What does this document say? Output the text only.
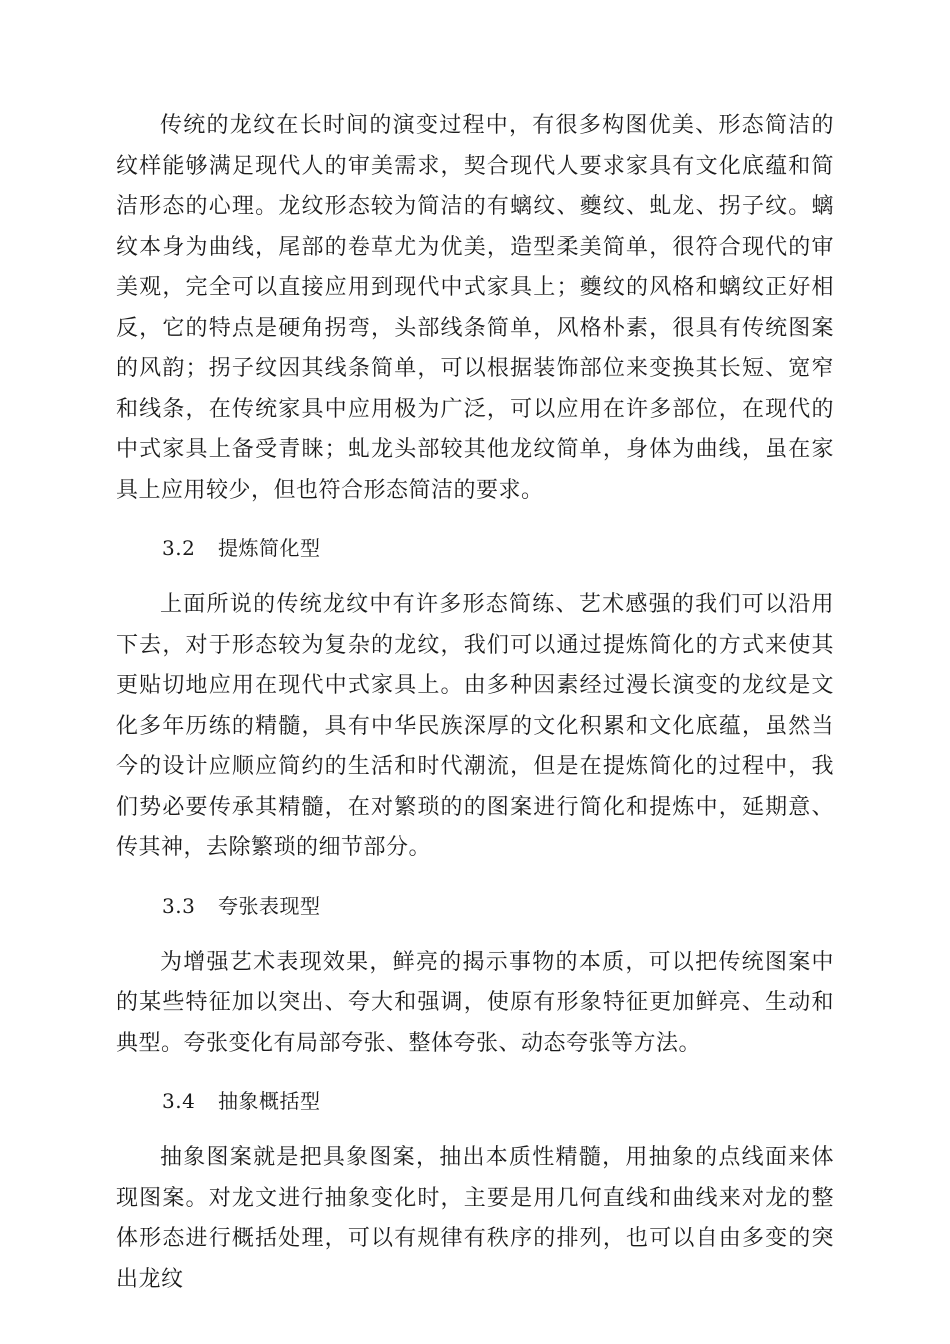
传统的龙纹在长时间的演变过程中，有很多构图优美、形态简洁的纹样能够满足现代人的审美需求，契合现代人要求家具有文化底蕴和简洁形态的心理。龙纹形态较为简洁的有螭纹、夔纹、虬龙、拐子纹。螭纹本身为曲线，尾部的卷草尤为优美，造型柔美简单，很符合现代的审美观，完全可以直接应用到现代中式家具上；夔纹的风格和螭纹正好相反，它的特点是硬角拐弯，头部线条简单，风格朴素，很具有传统图案的风韵；拐子纹因其线条简单，可以根据装饰部位来变换其长短、宽窄和线条，在传统家具中应用极为广泛，可以应用在许多部位，在现代的中式家具上备受青睐；虬龙头部较其他龙纹简单，身体为曲线，虽在家具上应用较少，但也符合形态简洁的要求。

3.2 提炼简化型

上面所说的传统龙纹中有许多形态简练、艺术感强的我们可以沿用下去，对于形态较为复杂的龙纹，我们可以通过提炼简化的方式来使其更贴切地应用在现代中式家具上。由多种因素经过漫长演变的龙纹是文化多年历练的精髓，具有中华民族深厚的文化积累和文化底蕴，虽然当今的设计应顺应简约的生活和时代潮流，但是在提炼简化的过程中，我们势必要传承其精髓，在对繁琐的的图案进行简化和提炼中，延期意、传其神，去除繁琐的细节部分。

3.3 夸张表现型

为增强艺术表现效果，鲜亮的揭示事物的本质，可以把传统图案中的某些特征加以突出、夸大和强调，使原有形象特征更加鲜亮、生动和典型。夸张变化有局部夸张、整体夸张、动态夸张等方法。

3.4 抽象概括型

抽象图案就是把具象图案，抽出本质性精髓，用抽象的点线面来体现图案。对龙文进行抽象变化时，主要是用几何直线和曲线来对龙的整体形态进行概括处理，可以有规律有秩序的排列，也可以自由多变的突出龙纹
